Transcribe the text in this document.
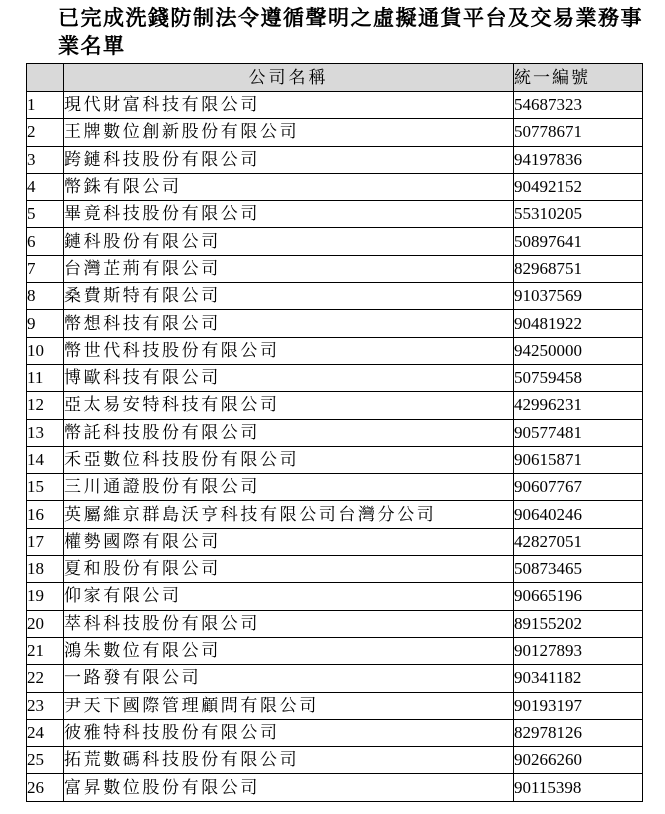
已完成洗錢防制法令遵循聲明之虛擬通貨平台及交易業務事業名單
	公司名稱	統一編號
1	現代財富科技有限公司	54687323
2	王牌數位創新股份有限公司	50778671
3	跨鏈科技股份有限公司	94197836
4	幣銖有限公司	90492152
5	畢竟科技股份有限公司	55310205
6	鏈科股份有限公司	50897641
7	台灣芷荊有限公司	82968751
8	桑費斯特有限公司	91037569
9	幣想科技有限公司	90481922
10	幣世代科技股份有限公司	94250000
11	博歐科技有限公司	50759458
12	亞太易安特科技有限公司	42996231
13	幣託科技股份有限公司	90577481
14	禾亞數位科技股份有限公司	90615871
15	三川通證股份有限公司	90607767
16	英屬維京群島沃亨科技有限公司台灣分公司	90640246
17	權勢國際有限公司	42827051
18	夏和股份有限公司	50873465
19	仰家有限公司	90665196
20	萃科科技股份有限公司	89155202
21	鴻朱數位有限公司	90127893
22	一路發有限公司	90341182
23	尹天下國際管理顧問有限公司	90193197
24	彼雅特科技股份有限公司	82978126
25	拓荒數碼科技股份有限公司	90266260
26	富昇數位股份有限公司	90115398
